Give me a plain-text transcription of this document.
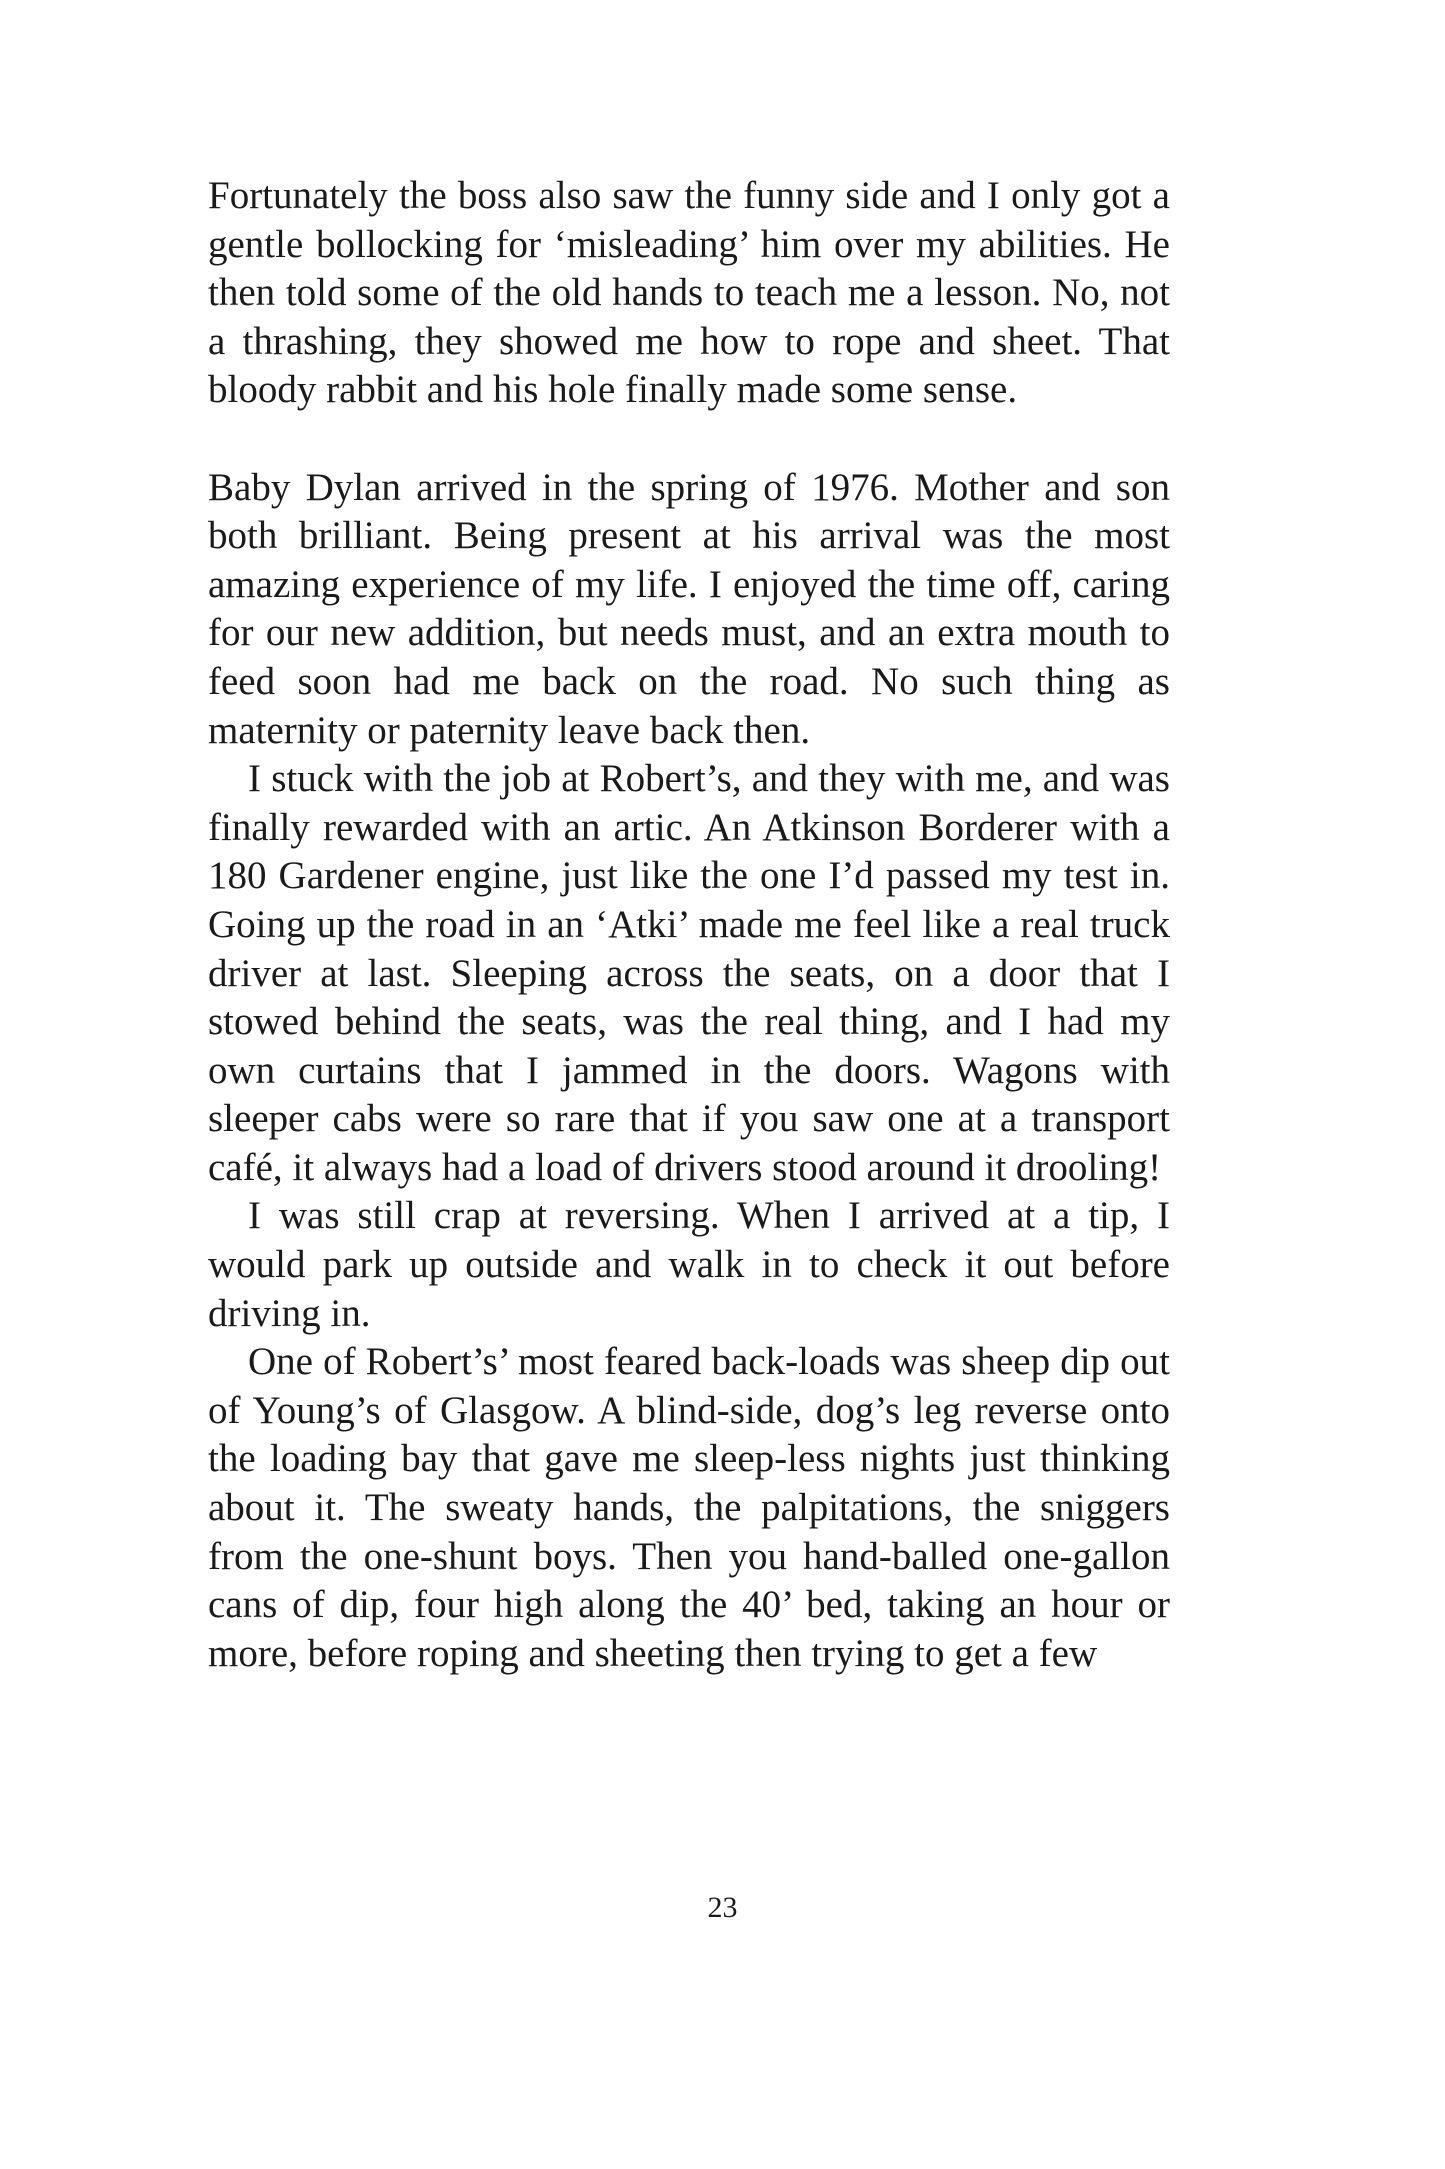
Fortunately the boss also saw the funny side and I only got a gentle bollocking for ‘misleading’ him over my abilities. He then told some of the old hands to teach me a lesson. No, not a thrashing, they showed me how to rope and sheet. That bloody rabbit and his hole finally made some sense.

Baby Dylan arrived in the spring of 1976. Mother and son both brilliant. Being present at his arrival was the most amazing experience of my life. I enjoyed the time off, caring for our new addition, but needs must, and an extra mouth to feed soon had me back on the road. No such thing as maternity or paternity leave back then.

I stuck with the job at Robert’s, and they with me, and was finally rewarded with an artic. An Atkinson Borderer with a 180 Gardener engine, just like the one I’d passed my test in. Going up the road in an ‘Atki’ made me feel like a real truck driver at last. Sleeping across the seats, on a door that I stowed behind the seats, was the real thing, and I had my own curtains that I jammed in the doors. Wagons with sleeper cabs were so rare that if you saw one at a transport café, it always had a load of drivers stood around it drooling!

I was still crap at reversing. When I arrived at a tip, I would park up outside and walk in to check it out before driving in.

One of Robert’s’ most feared back-loads was sheep dip out of Young’s of Glasgow. A blind-side, dog’s leg reverse onto the loading bay that gave me sleep-less nights just thinking about it. The sweaty hands, the palpitations, the sniggers from the one-shunt boys. Then you hand-balled one-gallon cans of dip, four high along the 40’ bed, taking an hour or more, before roping and sheeting then trying to get a few

23
